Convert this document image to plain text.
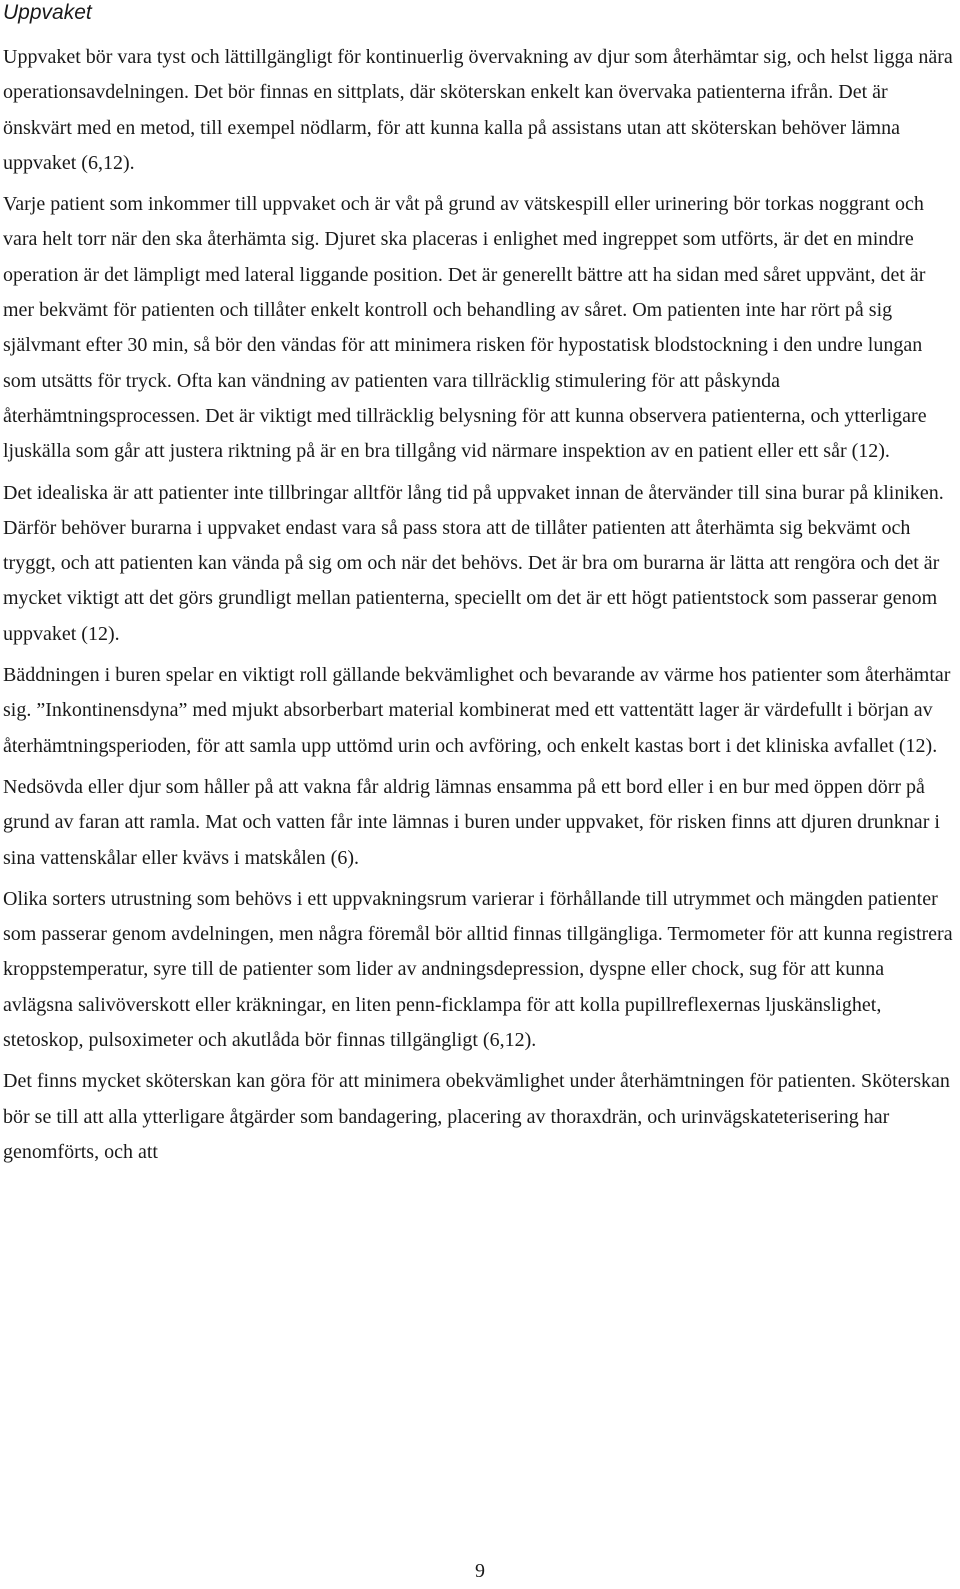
Uppvaket

Uppvaket bör vara tyst och lättillgängligt för kontinuerlig övervakning av djur som återhämtar sig, och helst ligga nära operationsavdelningen. Det bör finnas en sittplats, där sköterskan enkelt kan övervaka patienterna ifrån. Det är önskvärt med en metod, till exempel nödlarm, för att kunna kalla på assistans utan att sköterskan behöver lämna uppvaket (6,12).

Varje patient som inkommer till uppvaket och är våt på grund av vätskespill eller urinering bör torkas noggrant och vara helt torr när den ska återhämta sig. Djuret ska placeras i enlighet med ingreppet som utförts, är det en mindre operation är det lämpligt med lateral liggande position. Det är generellt bättre att ha sidan med såret uppvänt, det är mer bekvämt för patienten och tillåter enkelt kontroll och behandling av såret. Om patienten inte har rört på sig självmant efter 30 min, så bör den vändas för att minimera risken för hypostatisk blodstockning i den undre lungan som utsätts för tryck. Ofta kan vändning av patienten vara tillräcklig stimulering för att påskynda återhämtningsprocessen. Det är viktigt med tillräcklig belysning för att kunna observera patienterna, och ytterligare ljuskälla som går att justera riktning på är en bra tillgång vid närmare inspektion av en patient eller ett sår (12).

Det idealiska är att patienter inte tillbringar alltför lång tid på uppvaket innan de återvänder till sina burar på kliniken. Därför behöver burarna i uppvaket endast vara så pass stora att de tillåter patienten att återhämta sig bekvämt och tryggt, och att patienten kan vända på sig om och när det behövs. Det är bra om burarna är lätta att rengöra och det är mycket viktigt att det görs grundligt mellan patienterna, speciellt om det är ett högt patientstock som passerar genom uppvaket (12).

Bäddningen i buren spelar en viktigt roll gällande bekvämlighet och bevarande av värme hos patienter som återhämtar sig. ”Inkontinensdyna” med mjukt absorberbart material kombinerat med ett vattentätt lager är värdefullt i början av återhämtningsperioden, för att samla upp uttömd urin och avföring, och enkelt kastas bort i det kliniska avfallet (12).

Nedsövda eller djur som håller på att vakna får aldrig lämnas ensamma på ett bord eller i en bur med öppen dörr på grund av faran att ramla. Mat och vatten får inte lämnas i buren under uppvaket, för risken finns att djuren drunknar i sina vattenskålar eller kvävs i matskålen (6).

Olika sorters utrustning som behövs i ett uppvakningsrum varierar i förhållande till utrymmet och mängden patienter som passerar genom avdelningen, men några föremål bör alltid finnas tillgängliga. Termometer för att kunna registrera kroppstemperatur, syre till de patienter som lider av andningsdepression, dyspne eller chock, sug för att kunna avlägsna salivöverskott eller kräkningar, en liten penn-ficklampa för att kolla pupillreflexernas ljuskänslighet, stetoskop, pulsoximeter och akutlåda bör finnas tillgängligt (6,12).

Det finns mycket sköterskan kan göra för att minimera obekvämlighet under återhämtningen för patienten. Sköterskan bör se till att alla ytterligare åtgärder som bandagering, placering av thoraxdrän, och urinvägskateterisering har genomförts, och att

9
